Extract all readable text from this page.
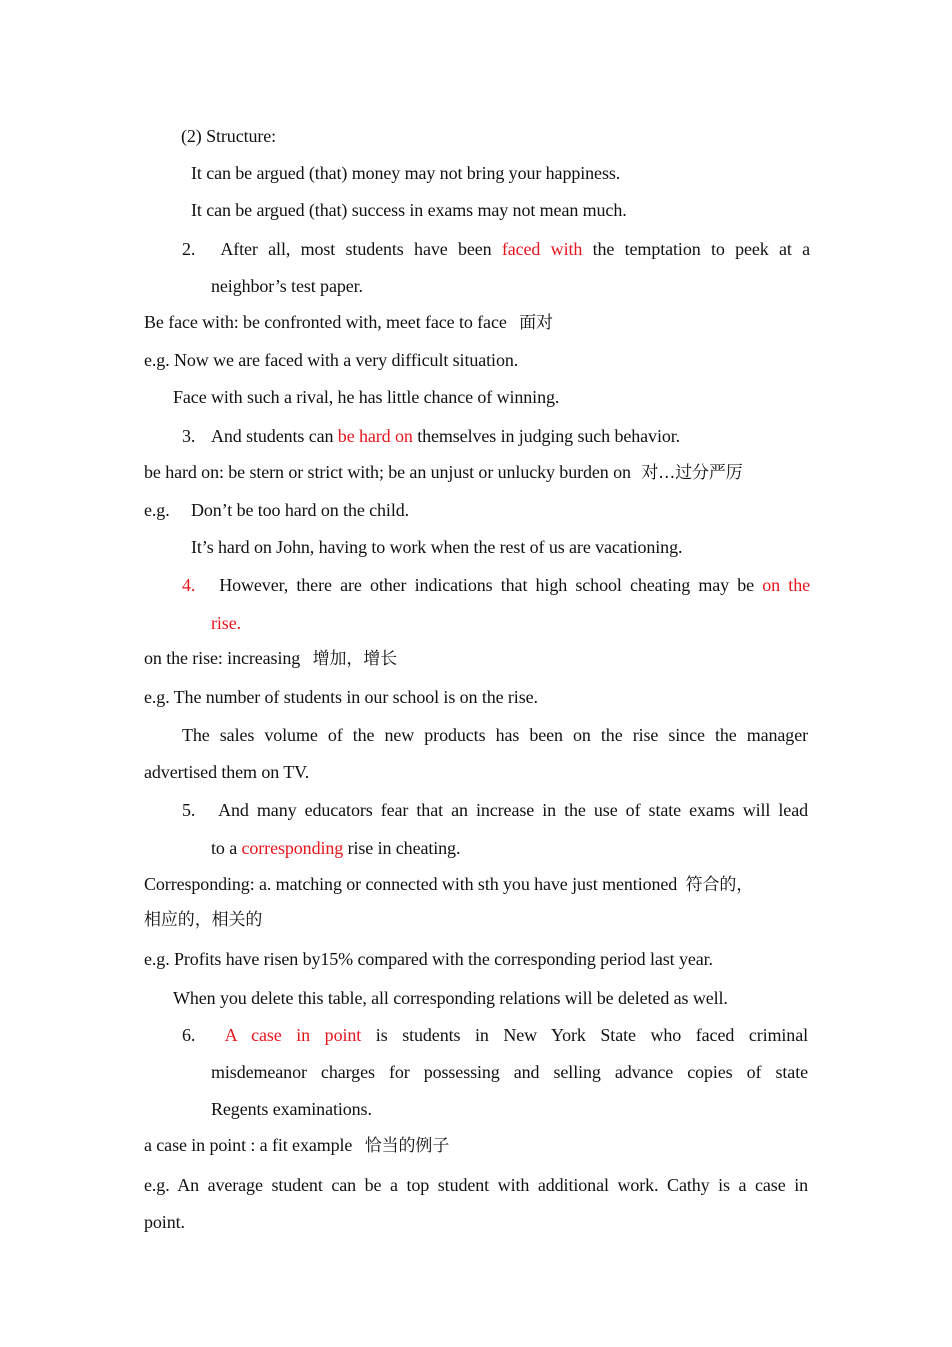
(2) Structure:
It can be argued (that) money may not bring your happiness.
It can be argued (that) success in exams may not mean much.
2. After all, most students have been faced with the temptation to peek at a
neighbor’s test paper.
Be face with: be confronted with, meet face to face 面对
e.g. Now we are faced with a very difficult situation.
Face with such a rival, he has little chance of winning.
3. And students can be hard on themselves in judging such behavior.
be hard on: be stern or strict with; be an unjust or unlucky burden on 对…过分严厉
e.g. Don’t be too hard on the child.
It’s hard on John, having to work when the rest of us are vacationing.
4. However, there are other indications that high school cheating may be on the
rise.
on the rise: increasing 增加，增长
e.g. The number of students in our school is on the rise.
The sales volume of the new products has been on the rise since the manager
advertised them on TV.
5. And many educators fear that an increase in the use of state exams will lead
to a corresponding rise in cheating.
Corresponding: a. matching or connected with sth you have just mentioned 符合的，
相应的，相关的
e.g. Profits have risen by15% compared with the corresponding period last year.
When you delete this table, all corresponding relations will be deleted as well.
6. A case in point is students in New York State who faced criminal
misdemeanor charges for possessing and selling advance copies of state
Regents examinations.
a case in point : a fit example 恰当的例子
e.g. An average student can be a top student with additional work. Cathy is a case in
point.
